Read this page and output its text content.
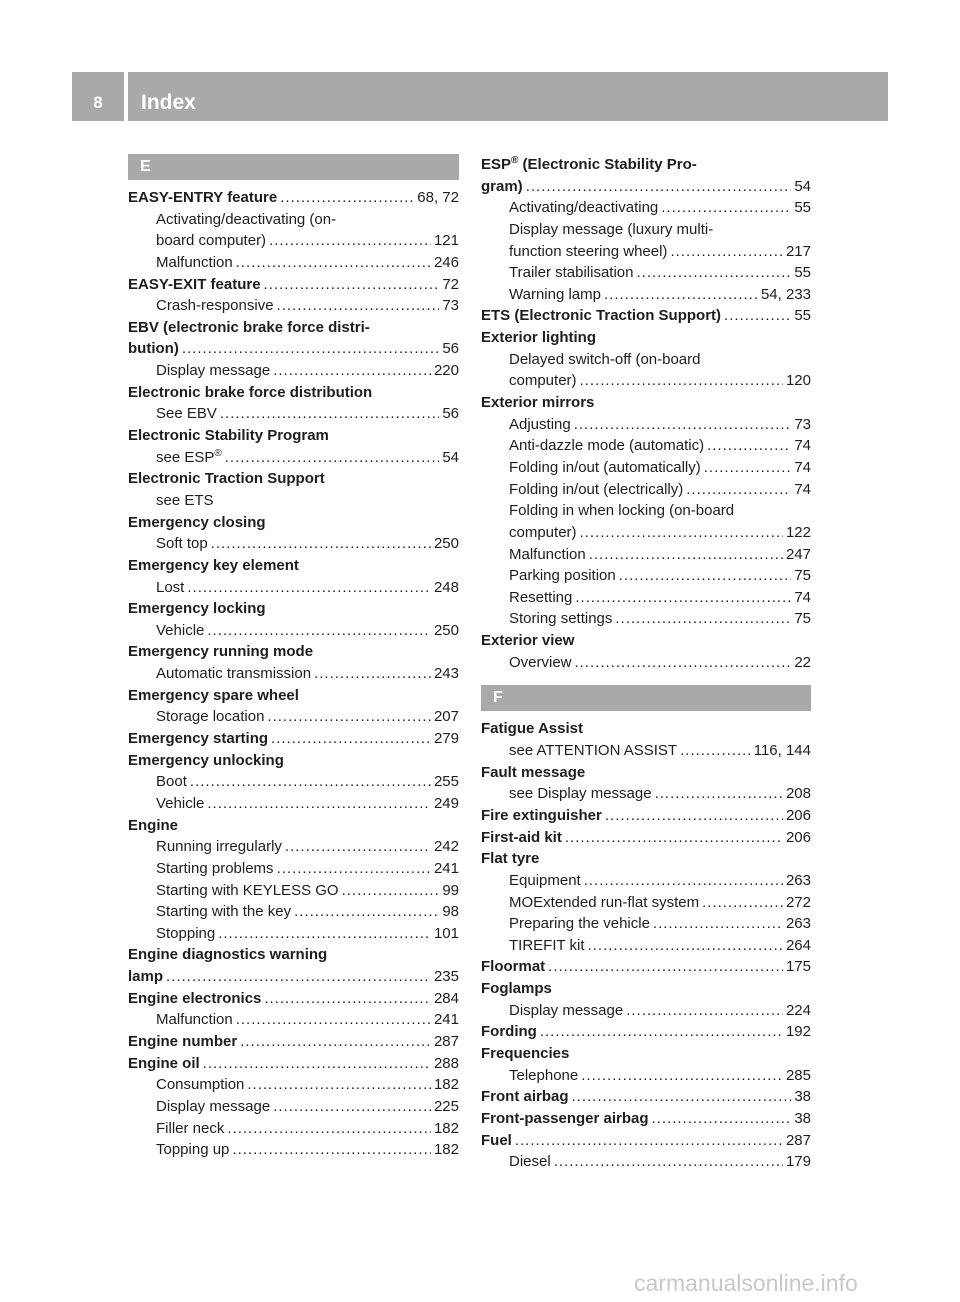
8	Index
E
EASY-ENTRY feature .....	68, 72
Activating/deactivating (on-
board computer) .....	121
Malfunction .....	246
EASY-EXIT feature .....	72
Crash-responsive .....	73
EBV (electronic brake force distri-
bution) .....	56
Display message .....	220
Electronic brake force distribution
See EBV .....	56
Electronic Stability Program
see ESP® .....	54
Electronic Traction Support
see ETS
Emergency closing
Soft top .....	250
Emergency key element
Lost .....	248
Emergency locking
Vehicle .....	250
Emergency running mode
Automatic transmission .....	243
Emergency spare wheel
Storage location .....	207
Emergency starting .....	279
Emergency unlocking
Boot .....	255
Vehicle .....	249
Engine
Running irregularly .....	242
Starting problems .....	241
Starting with KEYLESS GO .....	99
Starting with the key .....	98
Stopping .....	101
Engine diagnostics warning
lamp .....	235
Engine electronics .....	284
Malfunction .....	241
Engine number .....	287
Engine oil .....	288
Consumption .....	182
Display message .....	225
Filler neck .....	182
Topping up .....	182
ESP® (Electronic Stability Pro-
gram) .....	54
Activating/deactivating .....	55
Display message (luxury multi-
function steering wheel) .....	217
Trailer stabilisation .....	55
Warning lamp .....	54, 233
ETS (Electronic Traction Support) .....	55
Exterior lighting
Delayed switch-off (on-board
computer) .....	120
Exterior mirrors
Adjusting .....	73
Anti-dazzle mode (automatic) .....	74
Folding in/out (automatically) .....	74
Folding in/out (electrically) .....	74
Folding in when locking (on-board
computer) .....	122
Malfunction .....	247
Parking position .....	75
Resetting .....	74
Storing settings .....	75
Exterior view
Overview .....	22
F
Fatigue Assist
see ATTENTION ASSIST .....	116, 144
Fault message
see Display message .....	208
Fire extinguisher .....	206
First-aid kit .....	206
Flat tyre
Equipment .....	263
MOExtended run-flat system .....	272
Preparing the vehicle .....	263
TIREFIT kit .....	264
Floormat .....	175
Foglamps
Display message .....	224
Fording .....	192
Frequencies
Telephone .....	285
Front airbag .....	38
Front-passenger airbag .....	38
Fuel .....	287
Diesel .....	179
carmanualsonline.info
